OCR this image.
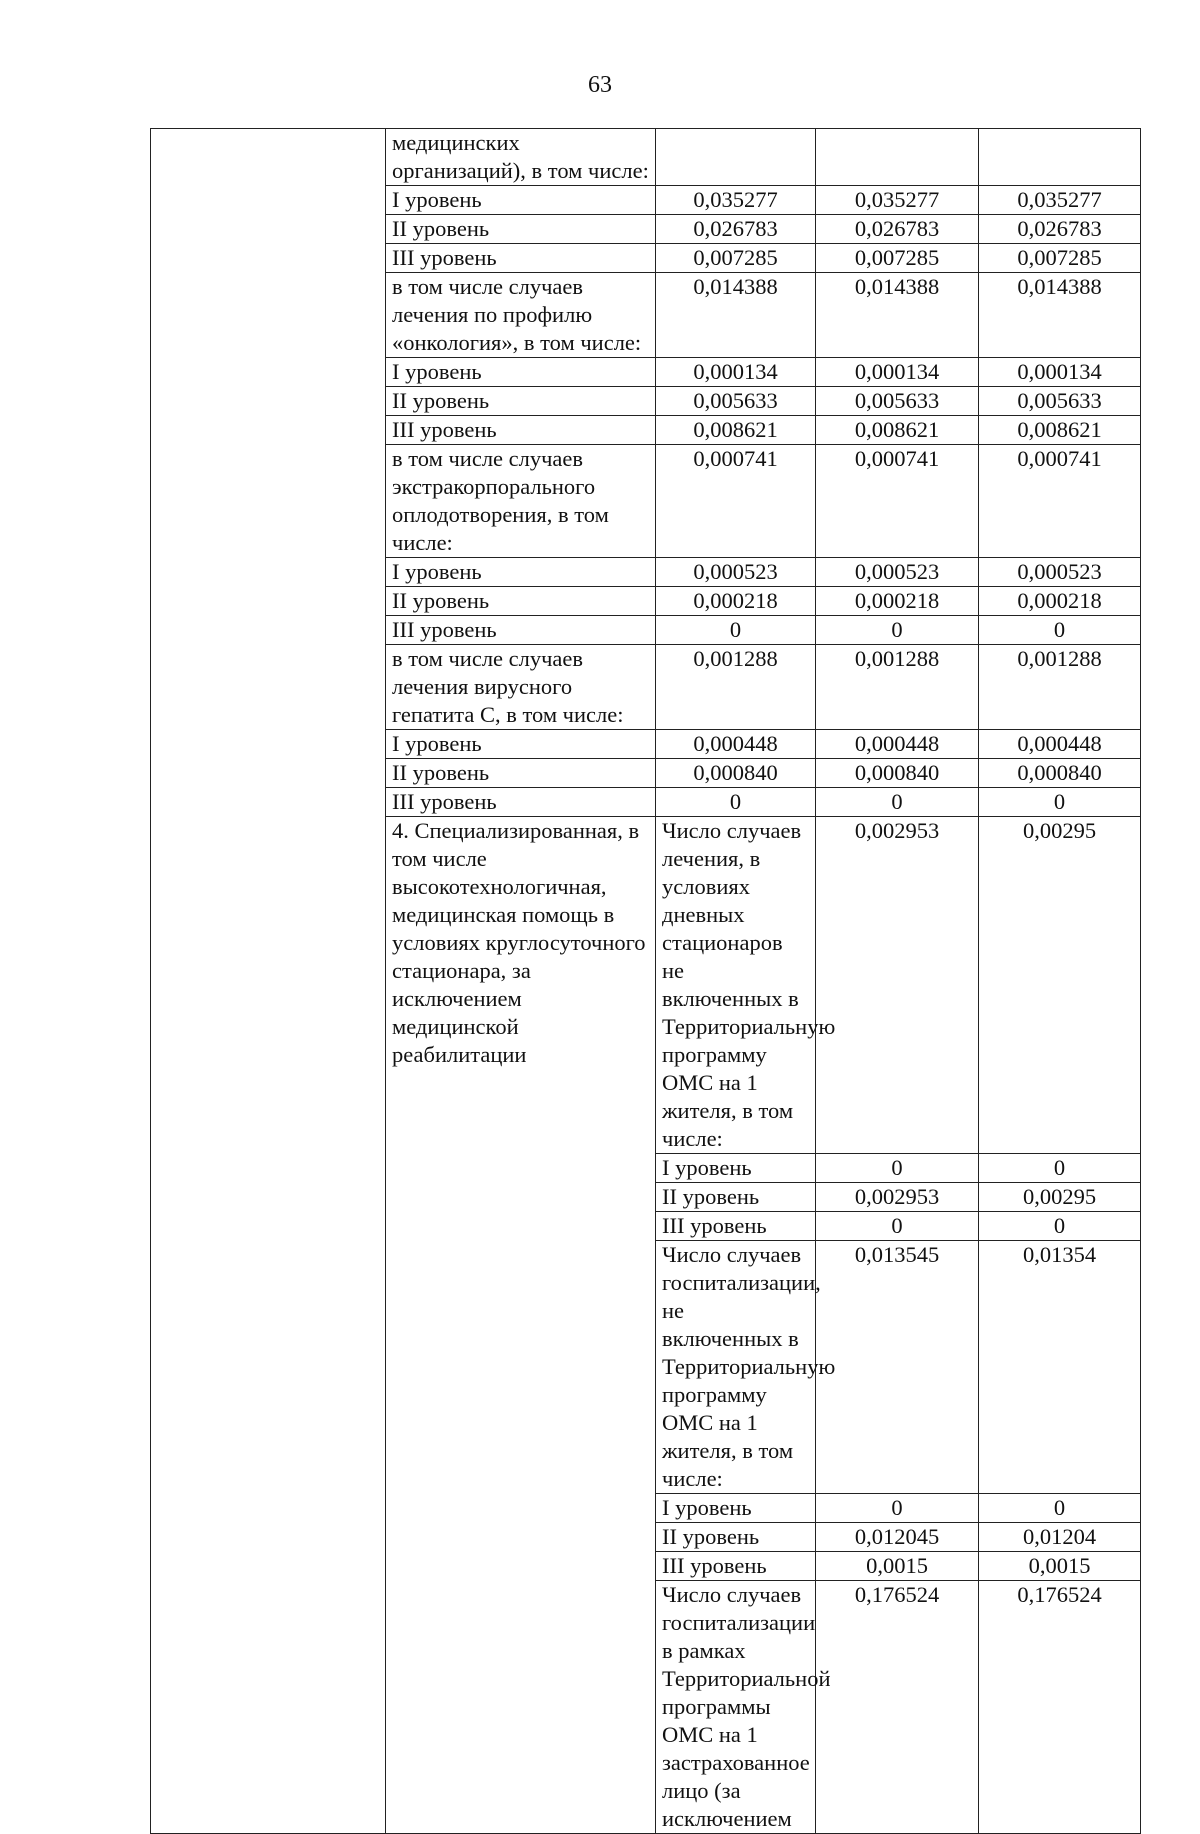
63
	медицинских организаций), в том числе:				
	I уровень	0,035277	0,035277	0,035277	
	II уровень	0,026783	0,026783	0,026783	
	III уровень	0,007285	0,007285	0,007285	
	в том числе случаев лечения по профилю «онкология», в том числе:	0,014388	0,014388	0,014388	
	I уровень	0,000134	0,000134	0,000134	
	II уровень	0,005633	0,005633	0,005633	
	III уровень	0,008621	0,008621	0,008621	
	в том числе случаев экстракорпорального оплодотворения, в том числе:	0,000741	0,000741	0,000741	
	I уровень	0,000523	0,000523	0,000523	
	II уровень	0,000218	0,000218	0,000218	
	III уровень	0	0	0	
	в том числе случаев лечения вирусного гепатита С, в том числе:	0,001288	0,001288	0,001288	
	I уровень	0,000448	0,000448	0,000448	
	II уровень	0,000840	0,000840	0,000840	
	III уровень	0	0	0	
	4. Специализированная, в том числе высокотехнологичная, медицинская помощь в условиях круглосуточного стационара, за исключением медицинской реабилитации	Число случаев лечения, в условиях дневных стационаров не включенных в Территориальную программу ОМС на 1 жителя, в том числе:	0,002953	0,00295	
		I уровень	0	0	
		II уровень	0,002953	0,00295	
		III уровень	0	0	
		Число случаев госпитализации, не включенных в Территориальную программу ОМС на 1 жителя, в том числе:	0,013545	0,01354	
		I уровень	0	0	
		II уровень	0,012045	0,01204	
		III уровень	0,0015	0,0015	
		Число случаев госпитализации в рамках Территориальной программы ОМС на 1 застрахованное лицо (за исключением	0,176524	0,176524	
